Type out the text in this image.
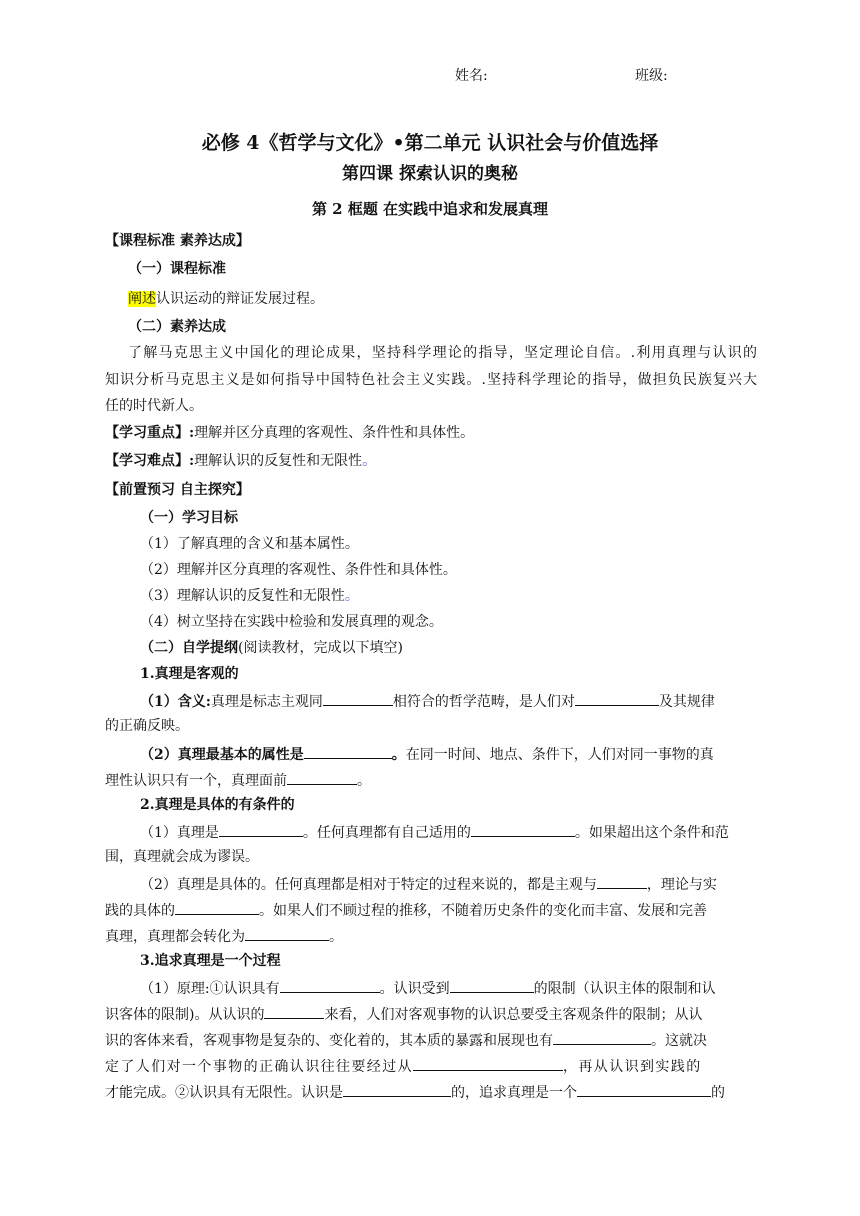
姓名:	班级:
必修 4《哲学与文化》•第二单元 认识社会与价值选择
第四课 探索认识的奥秘
第 2 框题 在实践中追求和发展真理
【课程标准 素养达成】
（一）课程标准
阐述认识运动的辩证发展过程。
（二）素养达成
了解马克思主义中国化的理论成果，坚持科学理论的指导，坚定理论自信。.利用真理与认识的
知识分析马克思主义是如何指导中国特色社会主义实践。.坚持科学理论的指导，做担负民族复兴大
任的时代新人。
【学习重点】:理解并区分真理的客观性、条件性和具体性。
【学习难点】:理解认识的反复性和无限性。
【前置预习 自主探究】
（一）学习目标
（1）了解真理的含义和基本属性。
（2）理解并区分真理的客观性、条件性和具体性。
（3）理解认识的反复性和无限性。
（4）树立坚持在实践中检验和发展真理的观念。
（二）自学提纲(阅读教材，完成以下填空)
1.真理是客观的
（1）含义:真理是标志主观同	相符合的哲学范畴，是人们对	及其规律
的正确反映。
（2）真理最基本的属性是	。在同一时间、地点、条件下，人们对同一事物的真
理性认识只有一个，真理面前	。
2.真理是具体的有条件的
（1）真理是	。任何真理都有自己适用的	。如果超出这个条件和范
围，真理就会成为谬误。
（2）真理是具体的。任何真理都是相对于特定的过程来说的，都是主观与	，理论与实
践的具体的	。如果人们不顾过程的推移，不随着历史条件的变化而丰富、发展和完善
真理，真理都会转化为	。
3.追求真理是一个过程
（1）原理:①认识具有	。认识受到	的限制（认识主体的限制和认
识客体的限制)。从认识的	来看，人们对客观事物的认识总要受主客观条件的限制；从认
识的客体来看，客观事物是复杂的、变化着的，其本质的暴露和展现也有	。这就决
定了人们对一个事物的正确认识往往要经过从	，再从认识到实践的
才能完成。②认识具有无限性。认识是	的，追求真理是一个	的
